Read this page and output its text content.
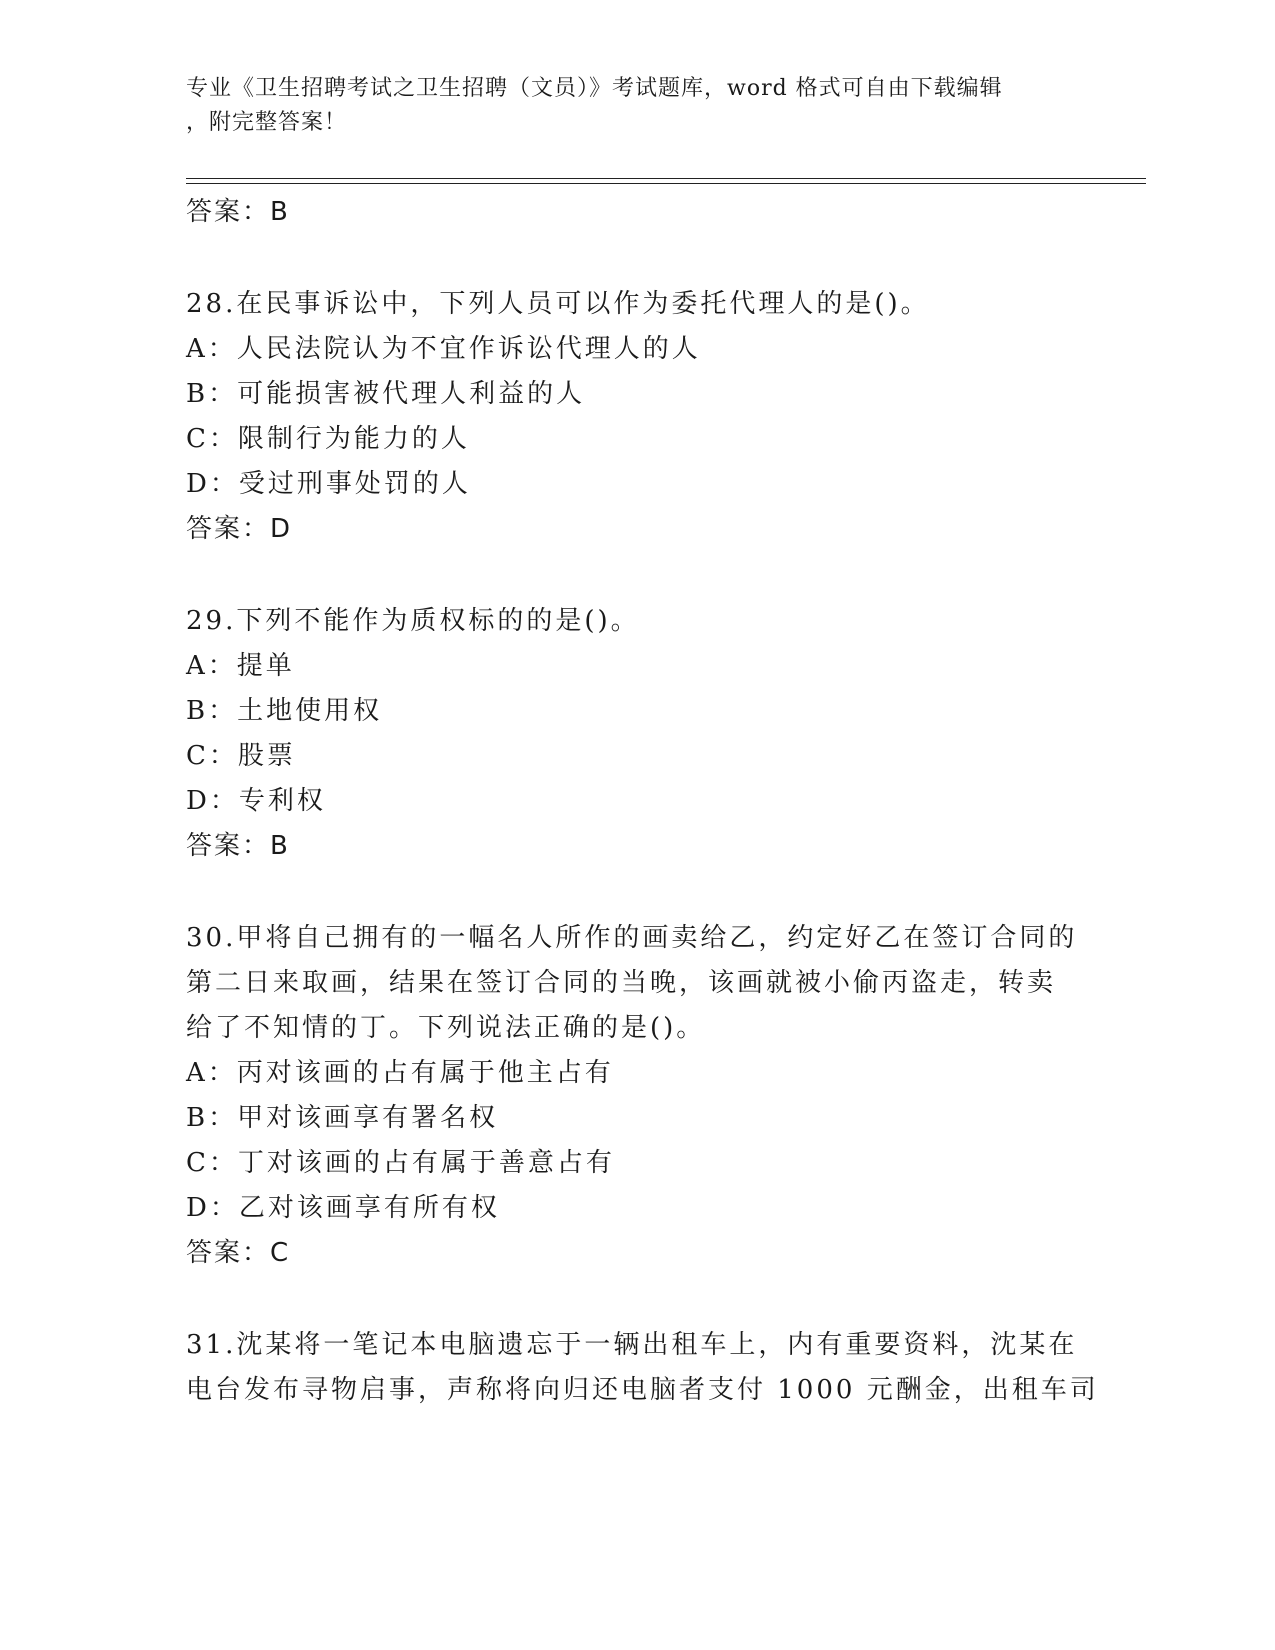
专业《卫生招聘考试之卫生招聘（文员）》考试题库，word 格式可自由下载编辑
，附完整答案！
答案：B
28.在民事诉讼中，下列人员可以作为委托代理人的是()。
A：人民法院认为不宜作诉讼代理人的人
B：可能损害被代理人利益的人
C：限制行为能力的人
D：受过刑事处罚的人
答案：D
29.下列不能作为质权标的的是()。
A：提单
B：土地使用权
C：股票
D：专利权
答案：B
30.甲将自己拥有的一幅名人所作的画卖给乙，约定好乙在签订合同的
第二日来取画，结果在签订合同的当晚，该画就被小偷丙盗走，转卖
给了不知情的丁。下列说法正确的是()。
A：丙对该画的占有属于他主占有
B：甲对该画享有署名权
C：丁对该画的占有属于善意占有
D：乙对该画享有所有权
答案：C
31.沈某将一笔记本电脑遗忘于一辆出租车上，内有重要资料，沈某在
电台发布寻物启事，声称将向归还电脑者支付 1000 元酬金，出租车司
